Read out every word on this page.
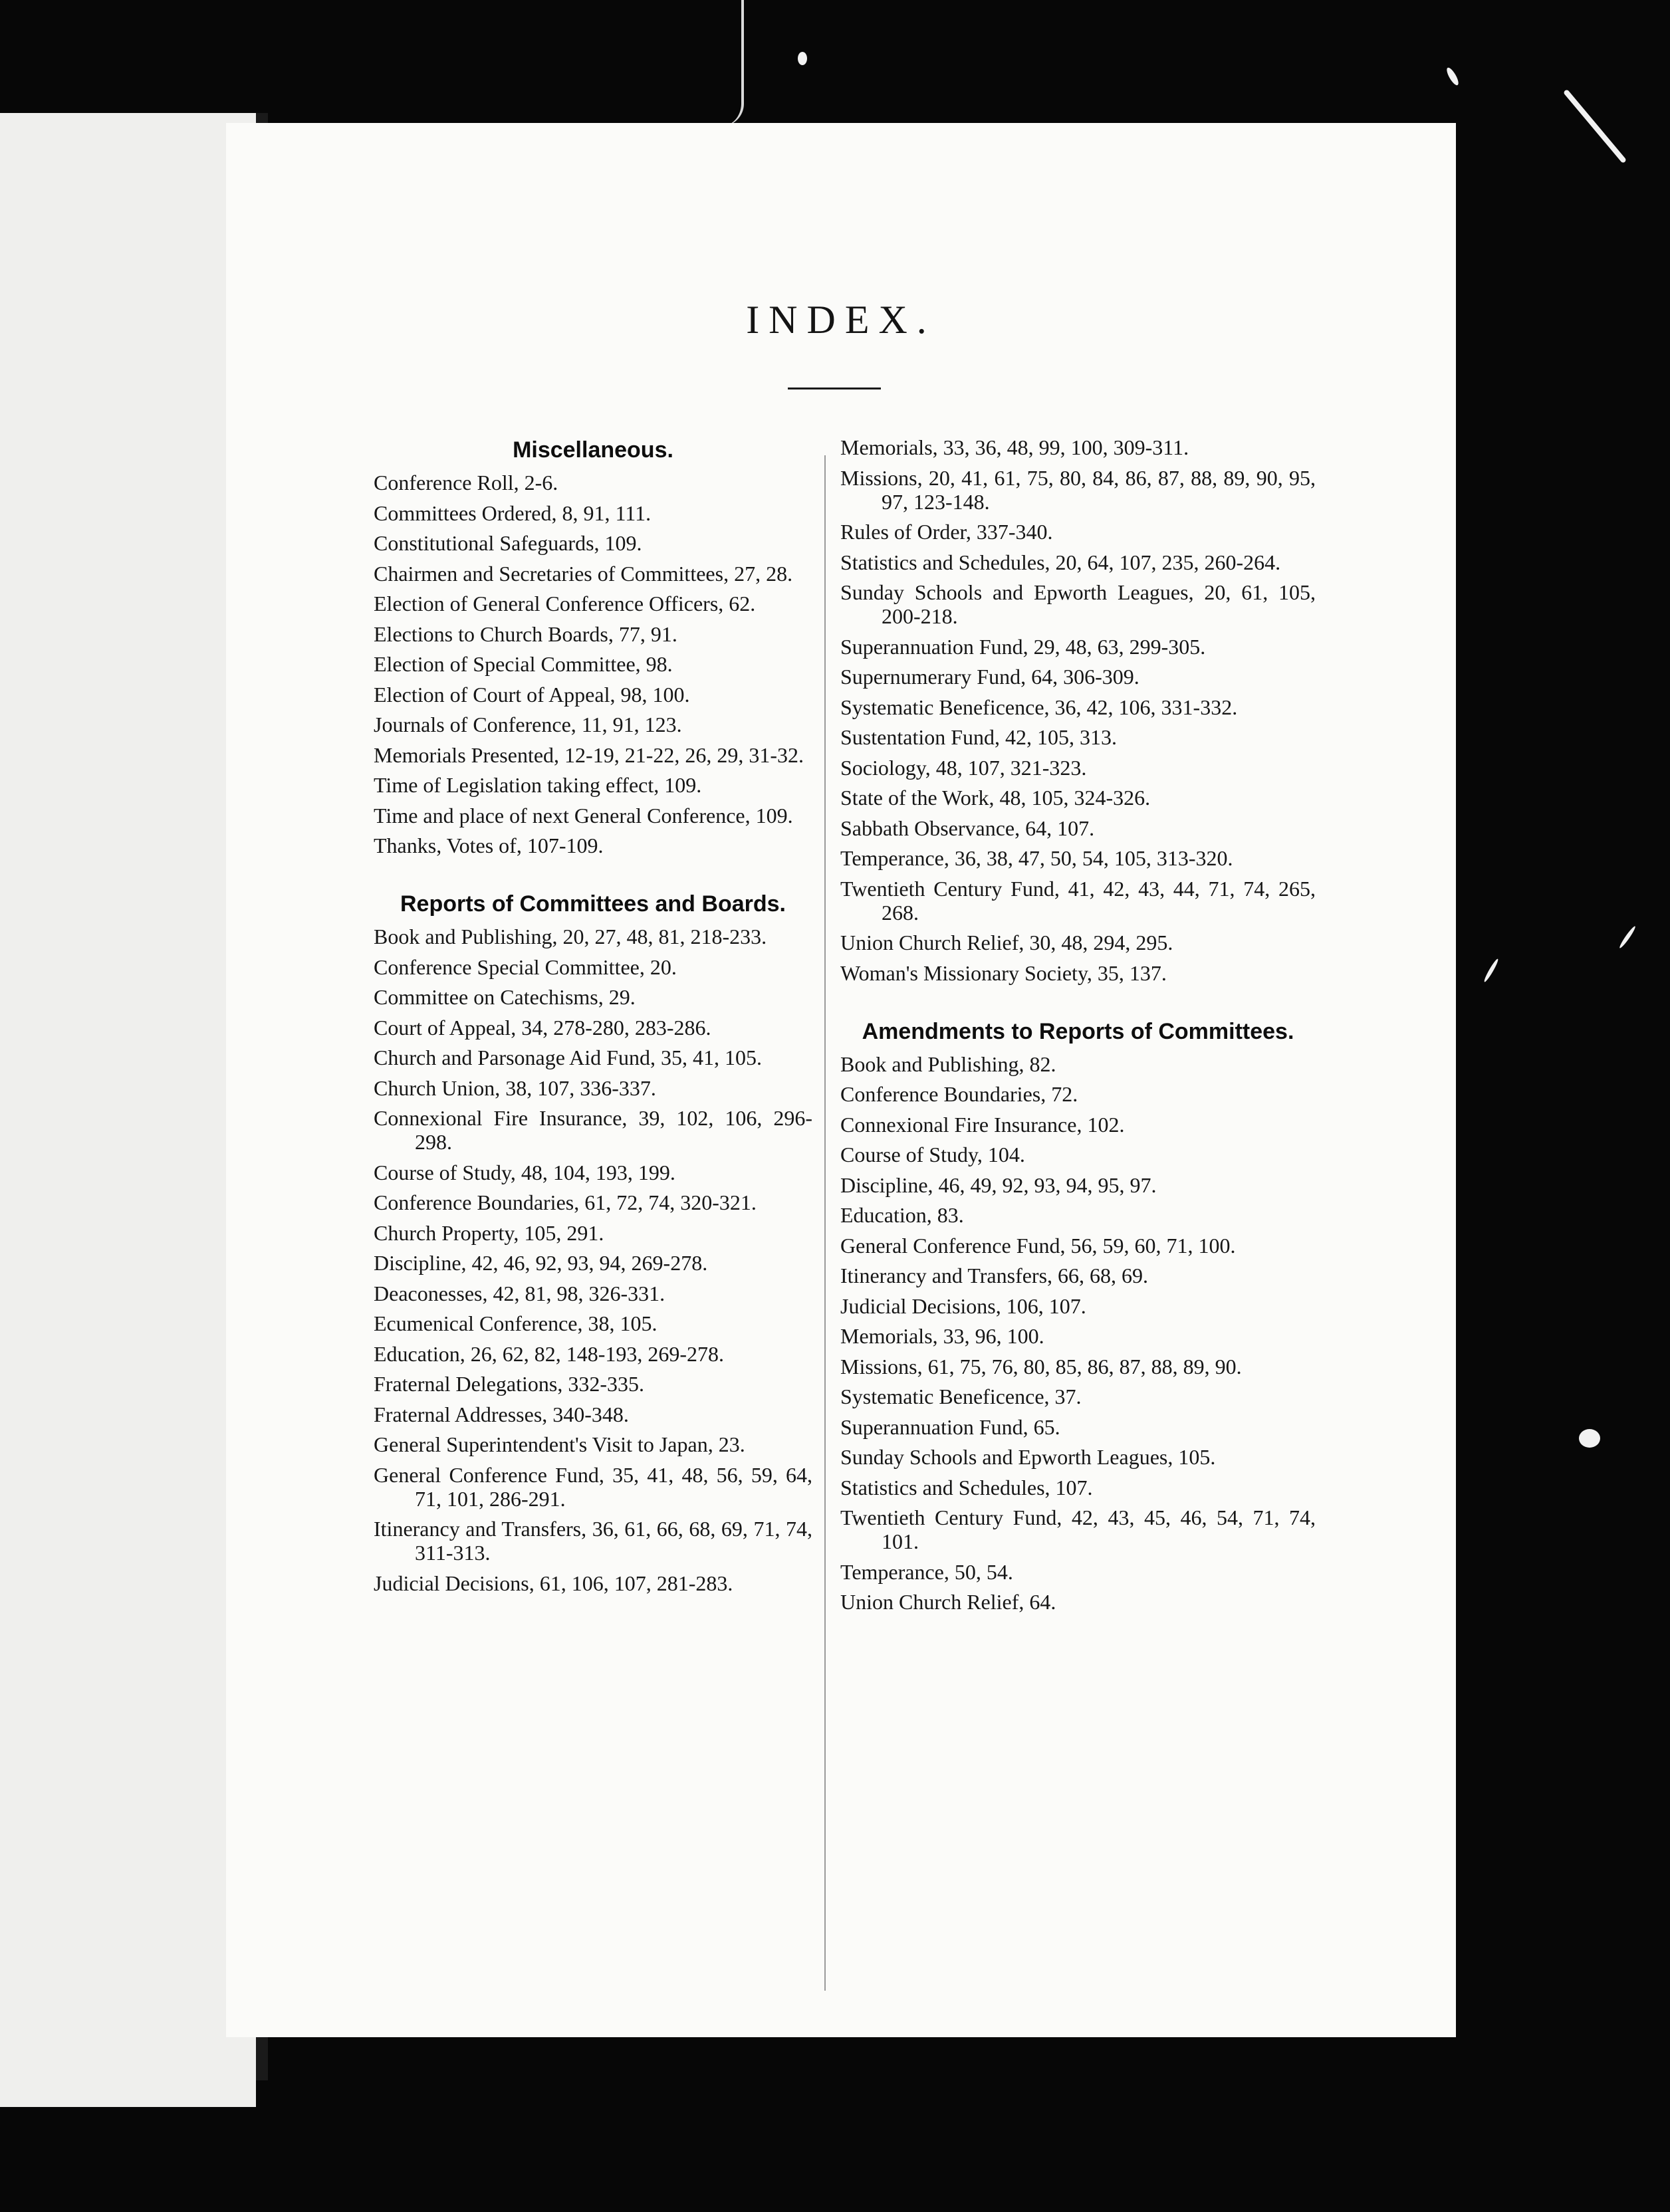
INDEX.
Miscellaneous.
Conference Roll, 2-6.
Committees Ordered, 8, 91, 111.
Constitutional Safeguards, 109.
Chairmen and Secretaries of Committees, 27, 28.
Election of General Conference Officers, 62.
Elections to Church Boards, 77, 91.
Election of Special Committee, 98.
Election of Court of Appeal, 98, 100.
Journals of Conference, 11, 91, 123.
Memorials Presented, 12-19, 21-22, 26, 29, 31-32.
Time of Legislation taking effect, 109.
Time and place of next General Conference, 109.
Thanks, Votes of, 107-109.
Reports of Committees and Boards.
Book and Publishing, 20, 27, 48, 81, 218-233.
Conference Special Committee, 20.
Committee on Catechisms, 29.
Court of Appeal, 34, 278-280, 283-286.
Church and Parsonage Aid Fund, 35, 41, 105.
Church Union, 38, 107, 336-337.
Connexional Fire Insurance, 39, 102, 106, 296-298.
Course of Study, 48, 104, 193, 199.
Conference Boundaries, 61, 72, 74, 320-321.
Church Property, 105, 291.
Discipline, 42, 46, 92, 93, 94, 269-278.
Deaconesses, 42, 81, 98, 326-331.
Ecumenical Conference, 38, 105.
Education, 26, 62, 82, 148-193, 269-278.
Fraternal Delegations, 332-335.
Fraternal Addresses, 340-348.
General Superintendent's Visit to Japan, 23.
General Conference Fund, 35, 41, 48, 56, 59, 64, 71, 101, 286-291.
Itinerancy and Transfers, 36, 61, 66, 68, 69, 71, 74, 311-313.
Judicial Decisions, 61, 106, 107, 281-283.
Memorials, 33, 36, 48, 99, 100, 309-311.
Missions, 20, 41, 61, 75, 80, 84, 86, 87, 88, 89, 90, 95, 97, 123-148.
Rules of Order, 337-340.
Statistics and Schedules, 20, 64, 107, 235, 260-264.
Sunday Schools and Epworth Leagues, 20, 61, 105, 200-218.
Superannuation Fund, 29, 48, 63, 299-305.
Supernumerary Fund, 64, 306-309.
Systematic Beneficence, 36, 42, 106, 331-332.
Sustentation Fund, 42, 105, 313.
Sociology, 48, 107, 321-323.
State of the Work, 48, 105, 324-326.
Sabbath Observance, 64, 107.
Temperance, 36, 38, 47, 50, 54, 105, 313-320.
Twentieth Century Fund, 41, 42, 43, 44, 71, 74, 265, 268.
Union Church Relief, 30, 48, 294, 295.
Woman's Missionary Society, 35, 137.
Amendments to Reports of Committees.
Book and Publishing, 82.
Conference Boundaries, 72.
Connexional Fire Insurance, 102.
Course of Study, 104.
Discipline, 46, 49, 92, 93, 94, 95, 97.
Education, 83.
General Conference Fund, 56, 59, 60, 71, 100.
Itinerancy and Transfers, 66, 68, 69.
Judicial Decisions, 106, 107.
Memorials, 33, 96, 100.
Missions, 61, 75, 76, 80, 85, 86, 87, 88, 89, 90.
Systematic Beneficence, 37.
Superannuation Fund, 65.
Sunday Schools and Epworth Leagues, 105.
Statistics and Schedules, 107.
Twentieth Century Fund, 42, 43, 45, 46, 54, 71, 74, 101.
Temperance, 50, 54.
Union Church Relief, 64.
